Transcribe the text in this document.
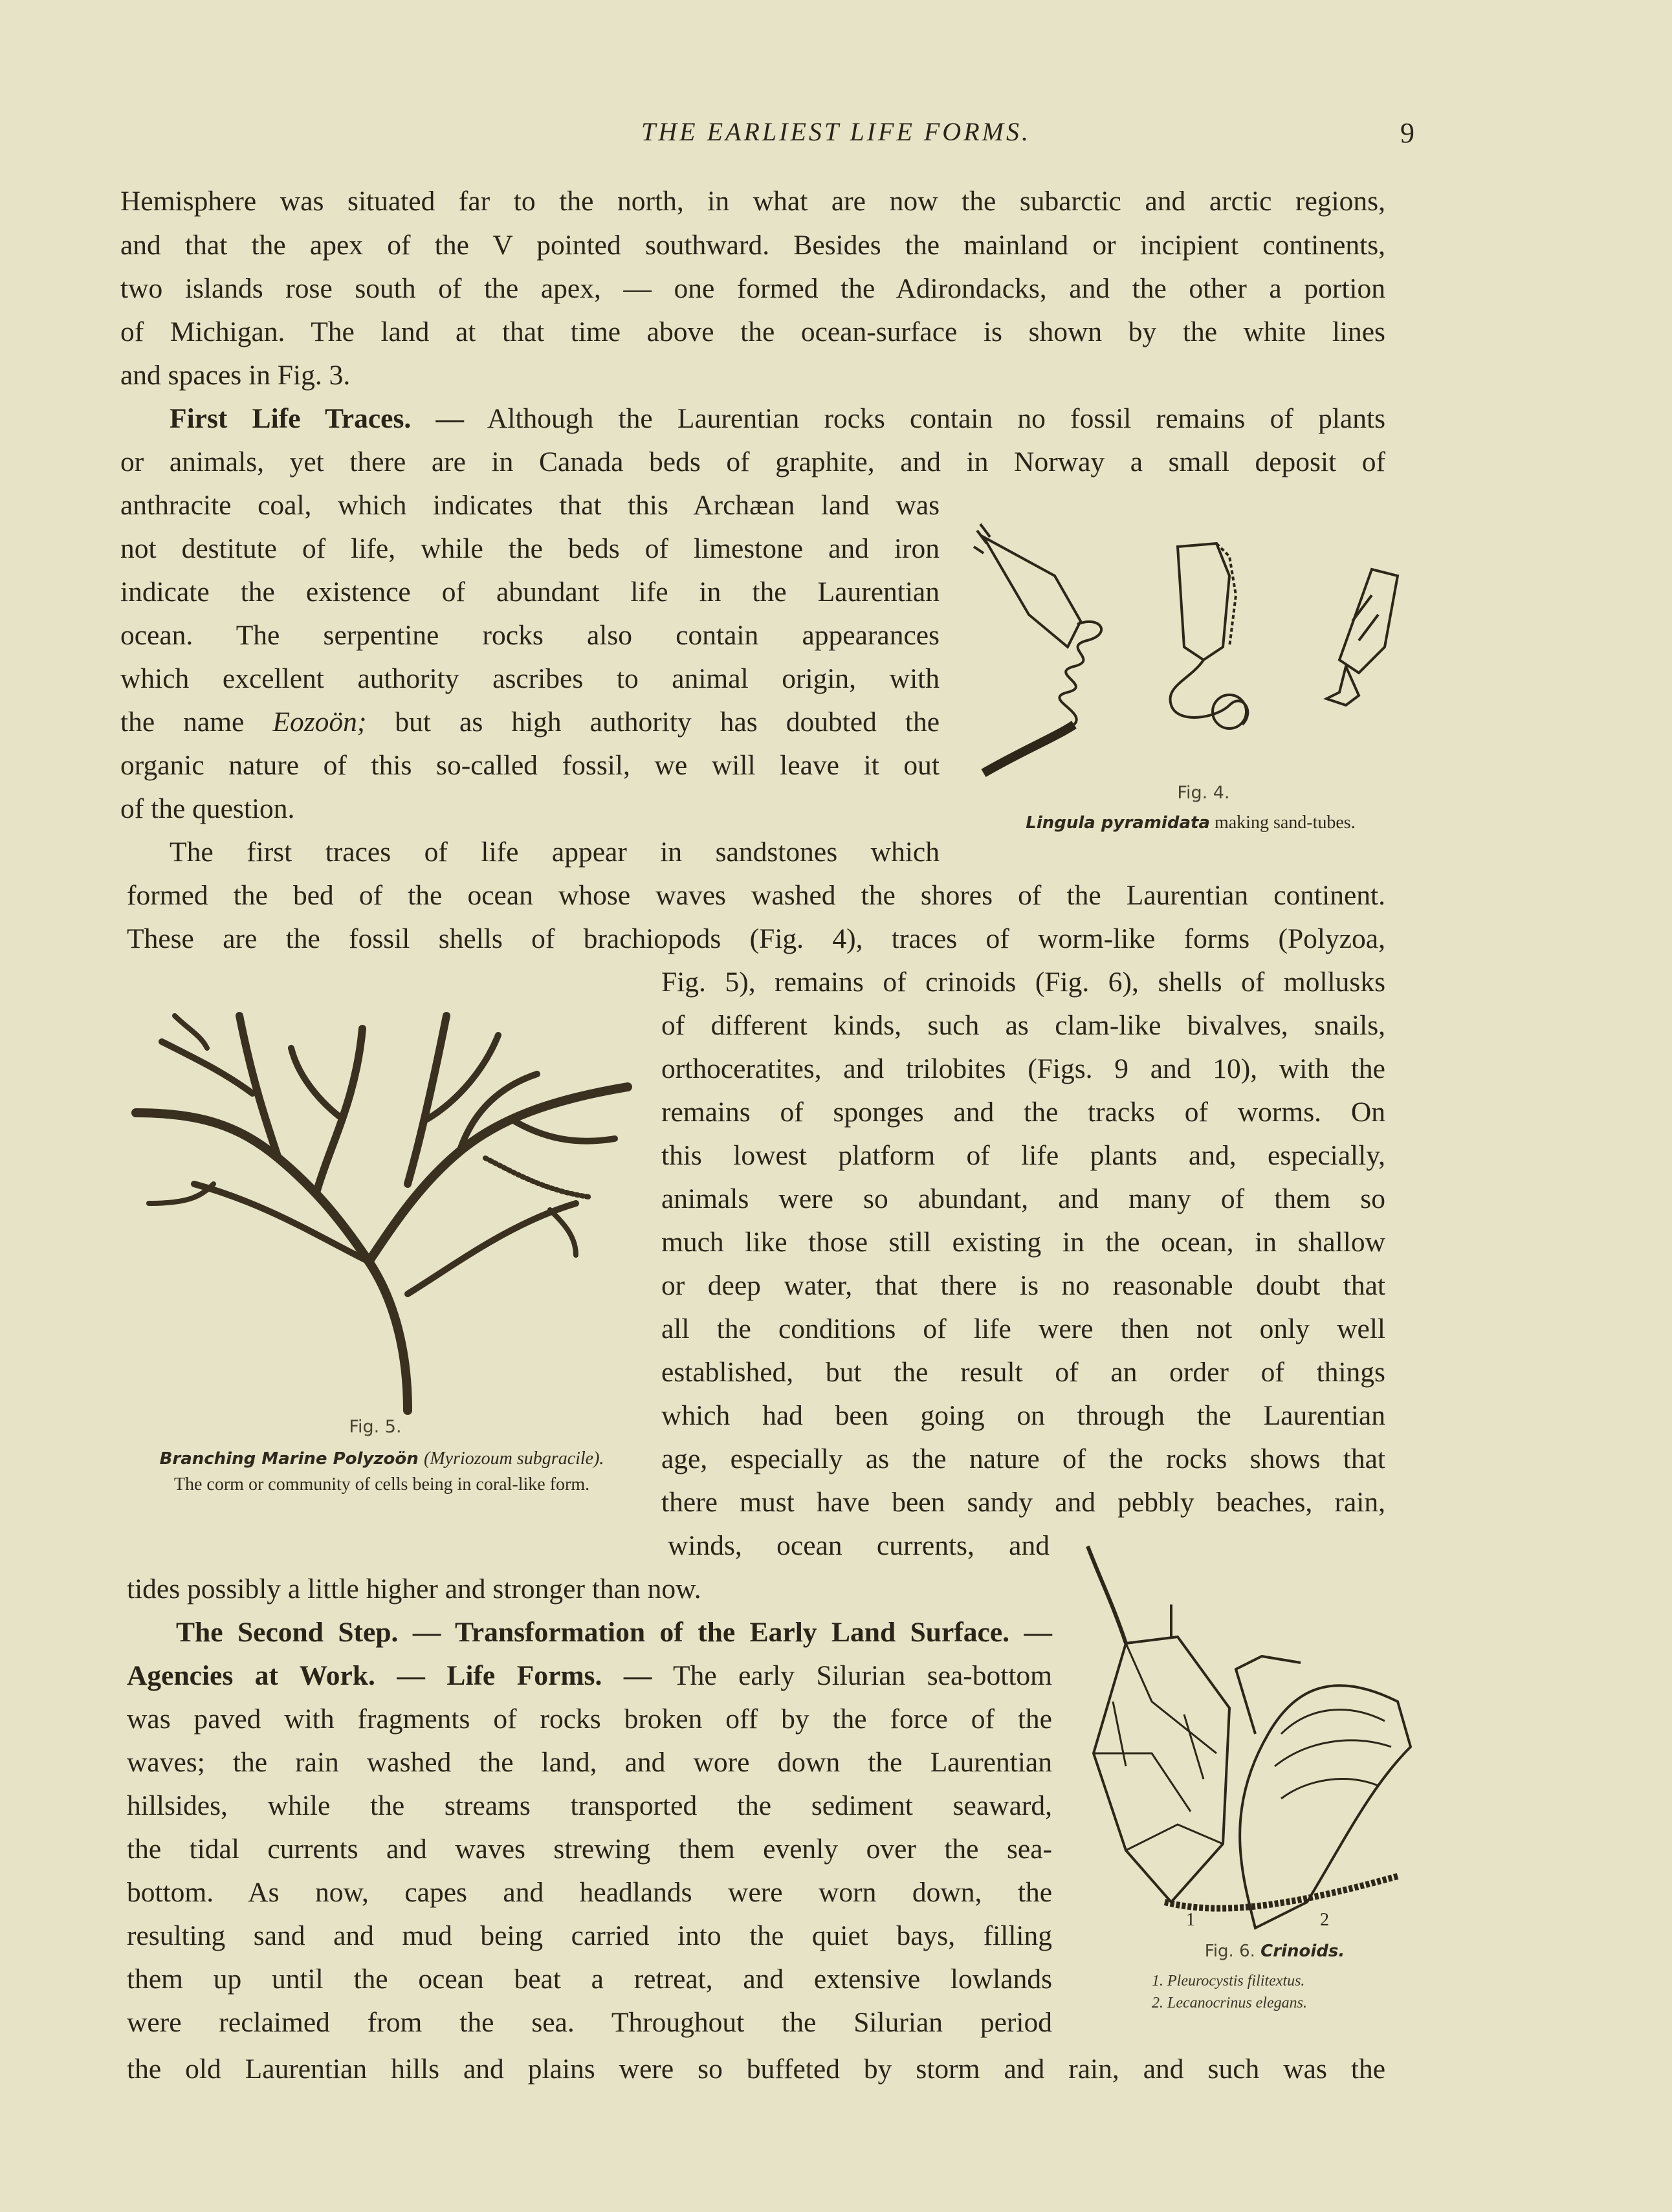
THE EARLIEST LIFE FORMS.	9
Hemisphere was situated far to the north, in what are now the subarctic and arctic regions,
and that the apex of the V pointed southward. Besides the mainland or incipient continents,
two islands rose south of the apex, — one formed the Adirondacks, and the other a portion
of Michigan. The land at that time above the ocean-surface is shown by the white lines
and spaces in Fig. 3.
First Life Traces. — Although the Laurentian rocks contain no fossil remains of plants
or animals, yet there are in Canada beds of graphite, and in Norway a small deposit of
anthracite coal, which indicates that this Archæan land was
not destitute of life, while the beds of limestone and iron
indicate the existence of abundant life in the Laurentian
ocean. The serpentine rocks also contain appearances
which excellent authority ascribes to animal origin, with
the name Eozoön; but as high authority has doubted the
organic nature of this so-called fossil, we will leave it out
of the question.
The first traces of life appear in sandstones which
formed the bed of the ocean whose waves washed the shores of the Laurentian continent.
These are the fossil shells of brachiopods (Fig. 4), traces of worm-like forms (Polyzoa,
Fig. 5), remains of crinoids (Fig. 6), shells of mollusks
of different kinds, such as clam-like bivalves, snails,
orthoceratites, and trilobites (Figs. 9 and 10), with the
remains of sponges and the tracks of worms. On
this lowest platform of life plants and, especially,
animals were so abundant, and many of them so
much like those still existing in the ocean, in shallow
or deep water, that there is no reasonable doubt that
all the conditions of life were then not only well
established, but the result of an order of things
which had been going on through the Laurentian
age, especially as the nature of the rocks shows that
there must have been sandy and pebbly beaches, rain,
winds, ocean currents, and
tides possibly a little higher and stronger than now.
The Second Step. — Transformation of the Early Land Surface. —
Agencies at Work. — Life Forms. — The early Silurian sea-bottom
was paved with fragments of rocks broken off by the force of the
waves; the rain washed the land, and wore down the Laurentian
hillsides, while the streams transported the sediment seaward,
the tidal currents and waves strewing them evenly over the sea-
bottom. As now, capes and headlands were worn down, the
resulting sand and mud being carried into the quiet bays, filling
them up until the ocean beat a retreat, and extensive lowlands
were reclaimed from the sea. Throughout the Silurian period
the old Laurentian hills and plains were so buffeted by storm and rain, and such was the
Fig. 4.
Lingula pyramidata making sand-tubes.
Fig. 5.
Branching Marine Polyzoön (Myriozoum subgracile).
The corm or community of cells being in coral-like form.
1	2
Fig. 6. Crinoids.
1. Pleurocystis filitextus.
2. Lecanocrinus elegans.
